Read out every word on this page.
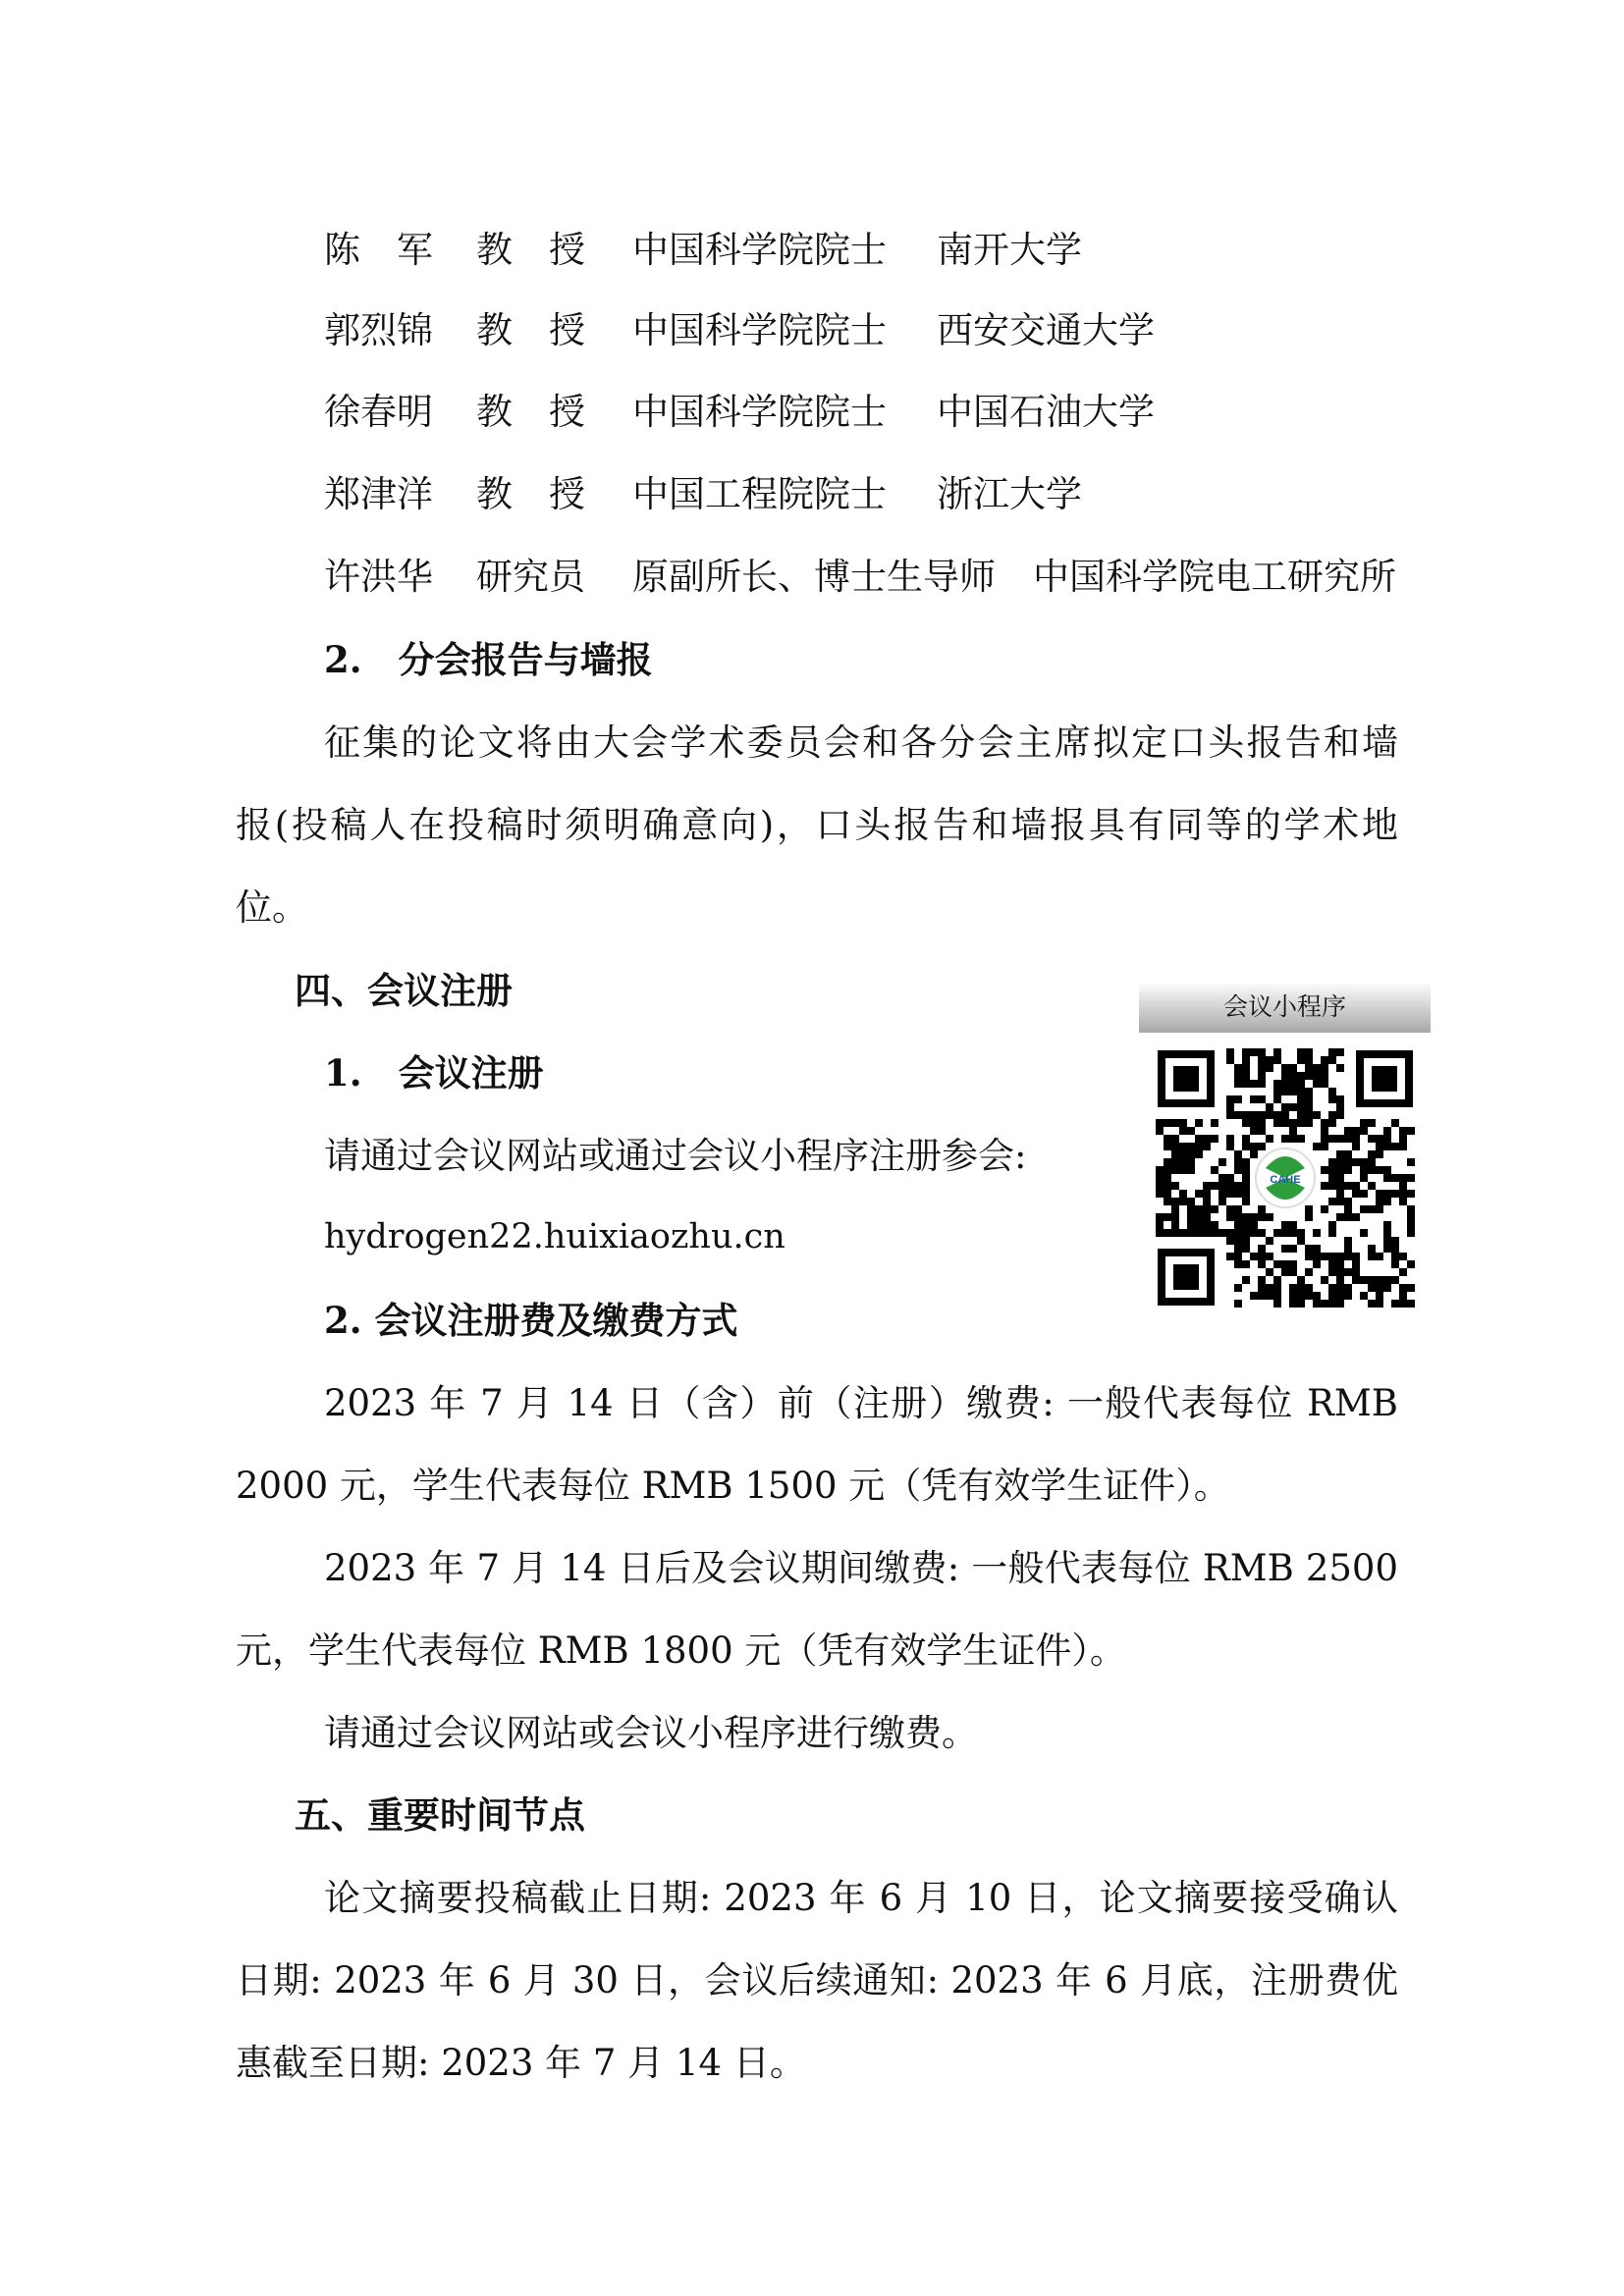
陈　军 教　授 中国科学院院士 南开大学
郭烈锦 教　授 中国科学院院士 西安交通大学
徐春明 教　授 中国科学院院士 中国石油大学
郑津洋 教　授 中国工程院院士 浙江大学
许洪华 研究员 原副所长、博士生导师 中国科学院电工研究所
2.　分会报告与墙报
征集的论文将由大会学术委员会和各分会主席拟定口头报告和墙
报(投稿人在投稿时须明确意向)，口头报告和墙报具有同等的学术地
位。
四、会议注册
1.　会议注册
请通过会议网站或通过会议小程序注册参会:
hydrogen22.huixiaozhu.cn
会议小程序
CAHE
2. 会议注册费及缴费方式
2023 年 7 月 14 日（含）前（注册）缴费: 一般代表每位 RMB
2000 元，学生代表每位 RMB 1500 元（凭有效学生证件）。
2023 年 7 月 14 日后及会议期间缴费: 一般代表每位 RMB 2500
元，学生代表每位 RMB 1800 元（凭有效学生证件）。
请通过会议网站或会议小程序进行缴费。
五、重要时间节点
论文摘要投稿截止日期: 2023 年 6 月 10 日，论文摘要接受确认
日期: 2023 年 6 月 30 日，会议后续通知: 2023 年 6 月底，注册费优
惠截至日期: 2023 年 7 月 14 日。
